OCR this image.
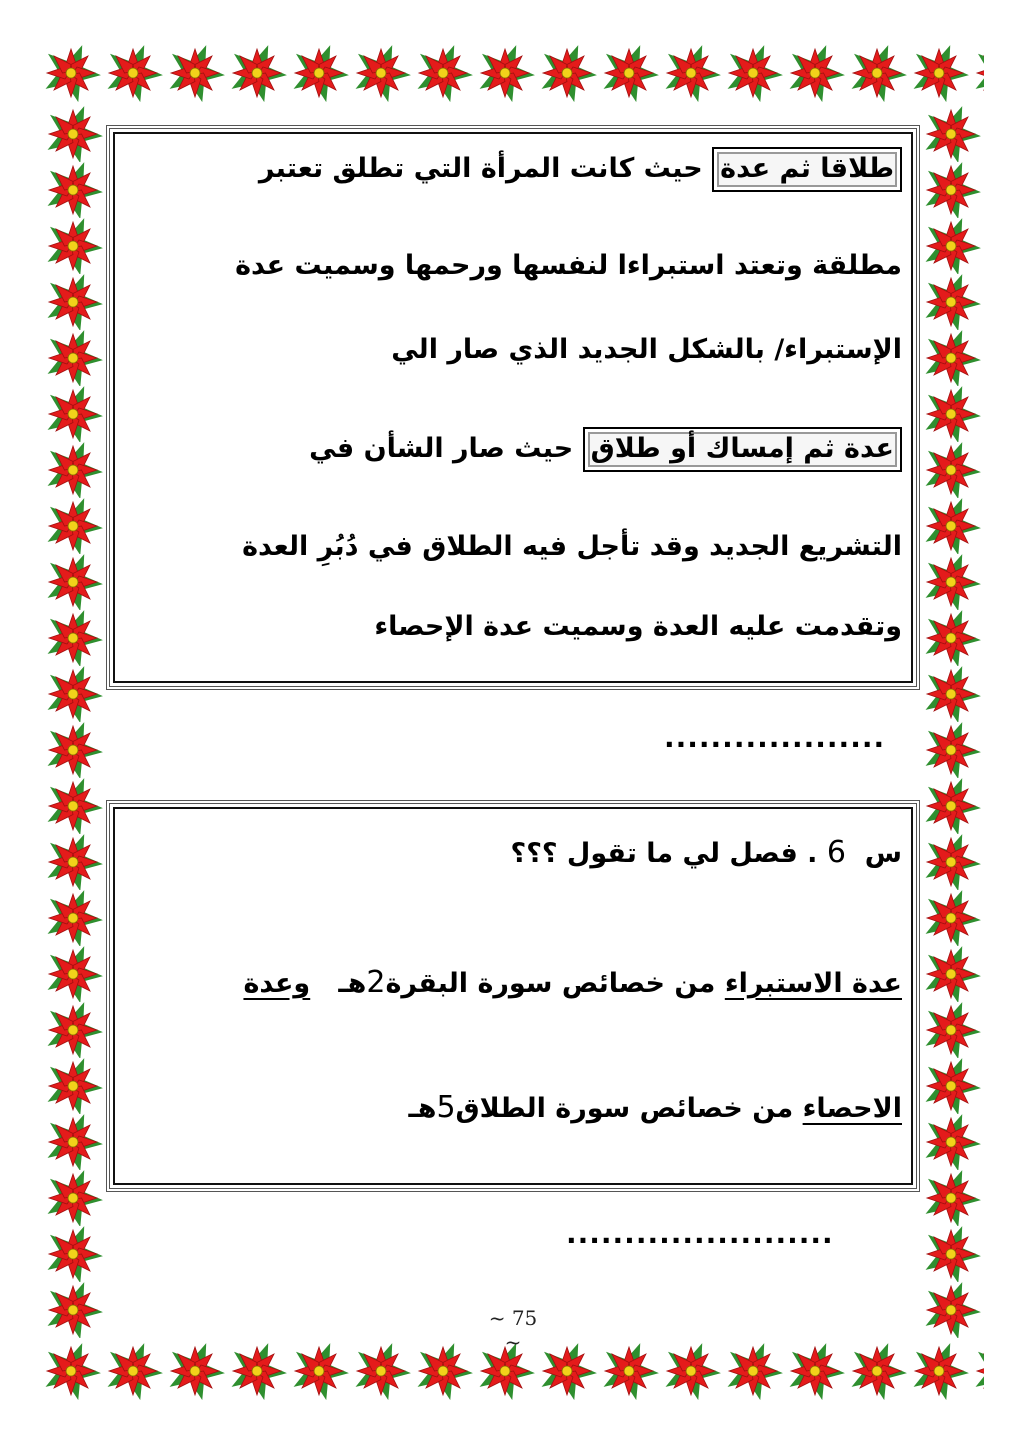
طلاقا ثم عدة حيث كانت المرأة التي تطلق تعتبر
مطلقة وتعتد استبراءا لنفسها ورحمها وسميت عدة
الإستبراء/ بالشكل الجديد الذي صار الي
عدة ثم إمساك أو طلاق حيث صار الشأن في
التشريع الجديد وقد تأجل فيه الطلاق في دُبُرِ العدة
وتقدمت عليه العدة وسميت عدة الإحصاء
...................
س  6 . فصل لي ما تقول ؟؟؟
عدة الاستبراء من خصائص سورة البقرة2هـ   وعدة
الاحصاء من خصائص سورة الطلاق5هـ
.......................
~ 75 ~
